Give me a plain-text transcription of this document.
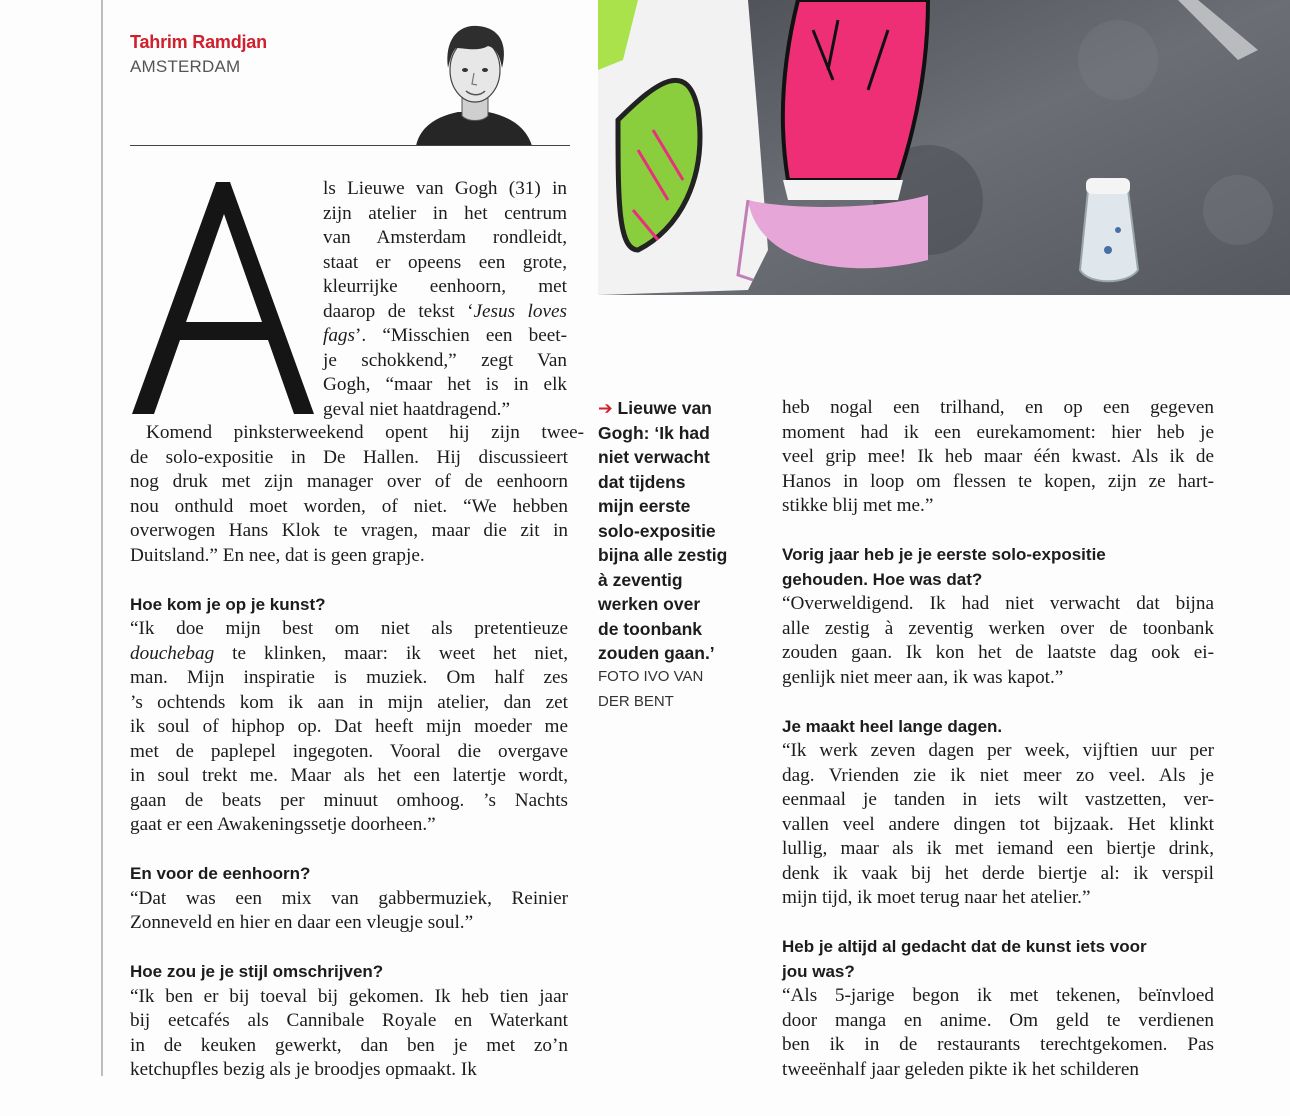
Tahrim Ramdjan
AMSTERDAM
A
ls Lieuwe van Gogh (31) in
zijn atelier in het centrum
van Amsterdam rondleidt,
staat er opeens een grote,
kleurrijke eenhoorn, met
daarop de tekst ‘Jesus loves
fags’. “Misschien een beet-
je schokkend,” zegt Van
Gogh, “maar het is in elk
geval niet haatdragend.”
Komend pinksterweekend opent hij zijn twee-
de solo-expositie in De Hallen. Hij discussieert
nog druk met zijn manager over of de eenhoorn
nou onthuld moet worden, of niet. “We hebben
overwogen Hans Klok te vragen, maar die zit in
Duitsland.” En nee, dat is geen grapje.
Hoe kom je op je kunst?
“Ik doe mijn best om niet als pretentieuze
douchebag te klinken, maar: ik weet het niet,
man. Mijn inspiratie is muziek. Om half zes
’s ochtends kom ik aan in mijn atelier, dan zet
ik soul of hiphop op. Dat heeft mijn moeder me
met de paplepel ingegoten. Vooral die overgave
in soul trekt me. Maar als het een latertje wordt,
gaan de beats per minuut omhoog. ’s Nachts
gaat er een Awakeningssetje doorheen.”
En voor de eenhoorn?
“Dat was een mix van gabbermuziek, Reinier
Zonneveld en hier en daar een vleugje soul.”
Hoe zou je je stijl omschrijven?
“Ik ben er bij toeval bij gekomen. Ik heb tien jaar
bij eetcafés als Cannibale Royale en Waterkant
in de keuken gewerkt, dan ben je met zo’n
ketchupfles bezig als je broodjes opmaakt. Ik
➔ Lieuwe van
Gogh: ‘Ik had
niet verwacht
dat tijdens
mijn eerste
solo-expositie
bijna alle zestig
à zeventig
werken over
de toonbank
zouden gaan.’
FOTO IVO VAN
DER BENT
heb nogal een trilhand, en op een gegeven
moment had ik een eurekamoment: hier heb je
veel grip mee! Ik heb maar één kwast. Als ik de
Hanos in loop om flessen te kopen, zijn ze hart-
stikke blij met me.”
Vorig jaar heb je je eerste solo-expositie
gehouden. Hoe was dat?
“Overweldigend. Ik had niet verwacht dat bijna
alle zestig à zeventig werken over de toonbank
zouden gaan. Ik kon het de laatste dag ook ei-
genlijk niet meer aan, ik was kapot.”
Je maakt heel lange dagen.
“Ik werk zeven dagen per week, vijftien uur per
dag. Vrienden zie ik niet meer zo veel. Als je
eenmaal je tanden in iets wilt vastzetten, ver-
vallen veel andere dingen tot bijzaak. Het klinkt
lullig, maar als ik met iemand een biertje drink,
denk ik vaak bij het derde biertje al: ik verspil
mijn tijd, ik moet terug naar het atelier.”
Heb je altijd al gedacht dat de kunst iets voor
jou was?
“Als 5-jarige begon ik met tekenen, beïnvloed
door manga en anime. Om geld te verdienen
ben ik in de restaurants terechtgekomen. Pas
tweeënhalf jaar geleden pikte ik het schilderen
